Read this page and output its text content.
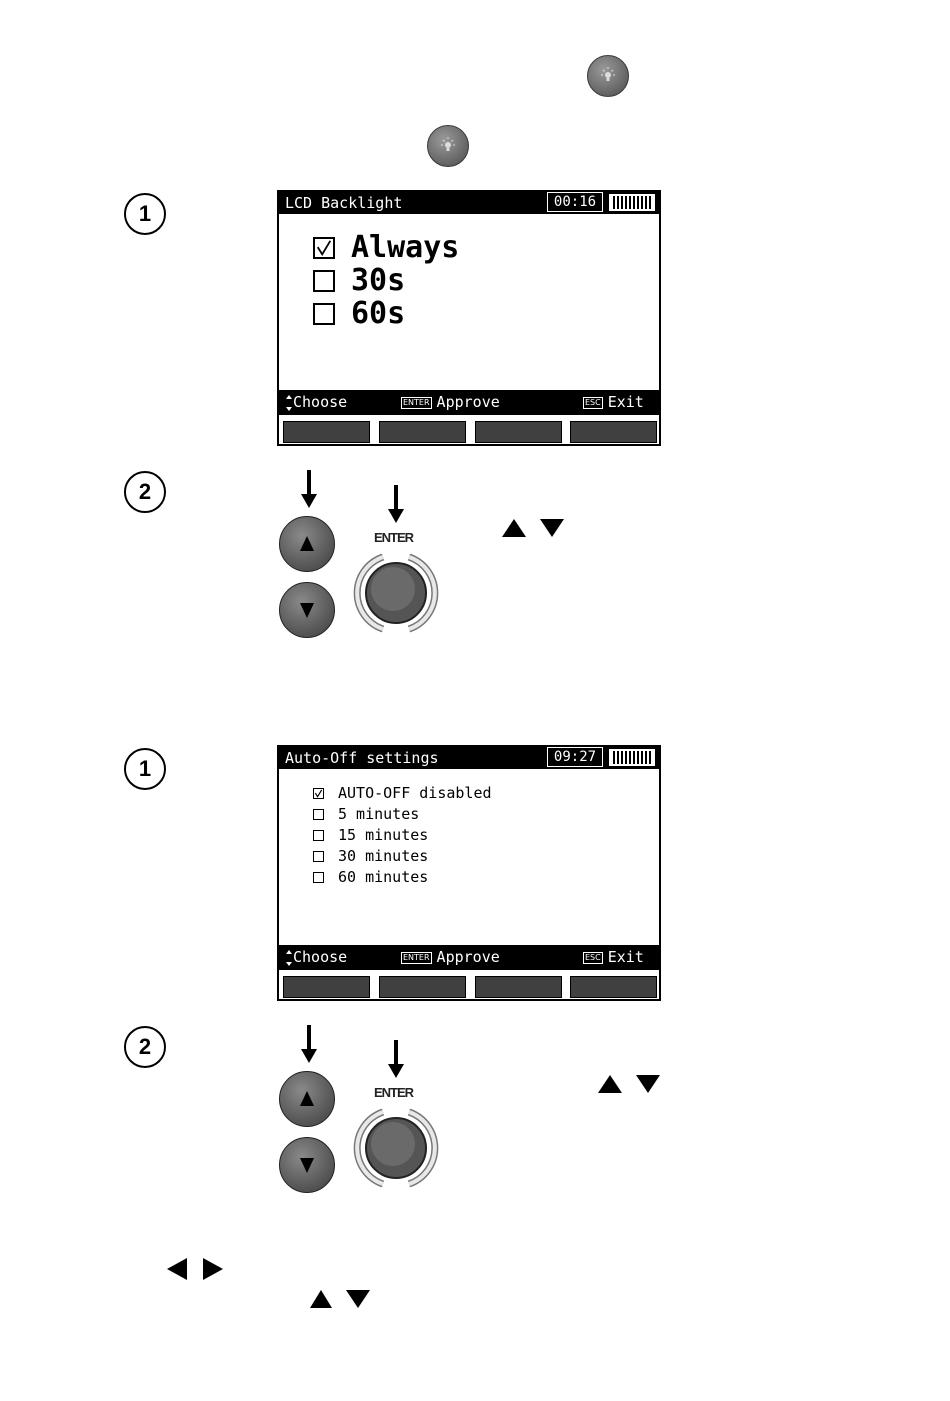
1	LCD Backlight	00:16
Always
30s
60s
Choose	ENTER Approve	ESC Exit
2
ENTER
1	Auto-Off settings	09:27
AUTO-OFF disabled
5 minutes
15 minutes
30 minutes
60 minutes
Choose	ENTER Approve	ESC Exit
2
ENTER
